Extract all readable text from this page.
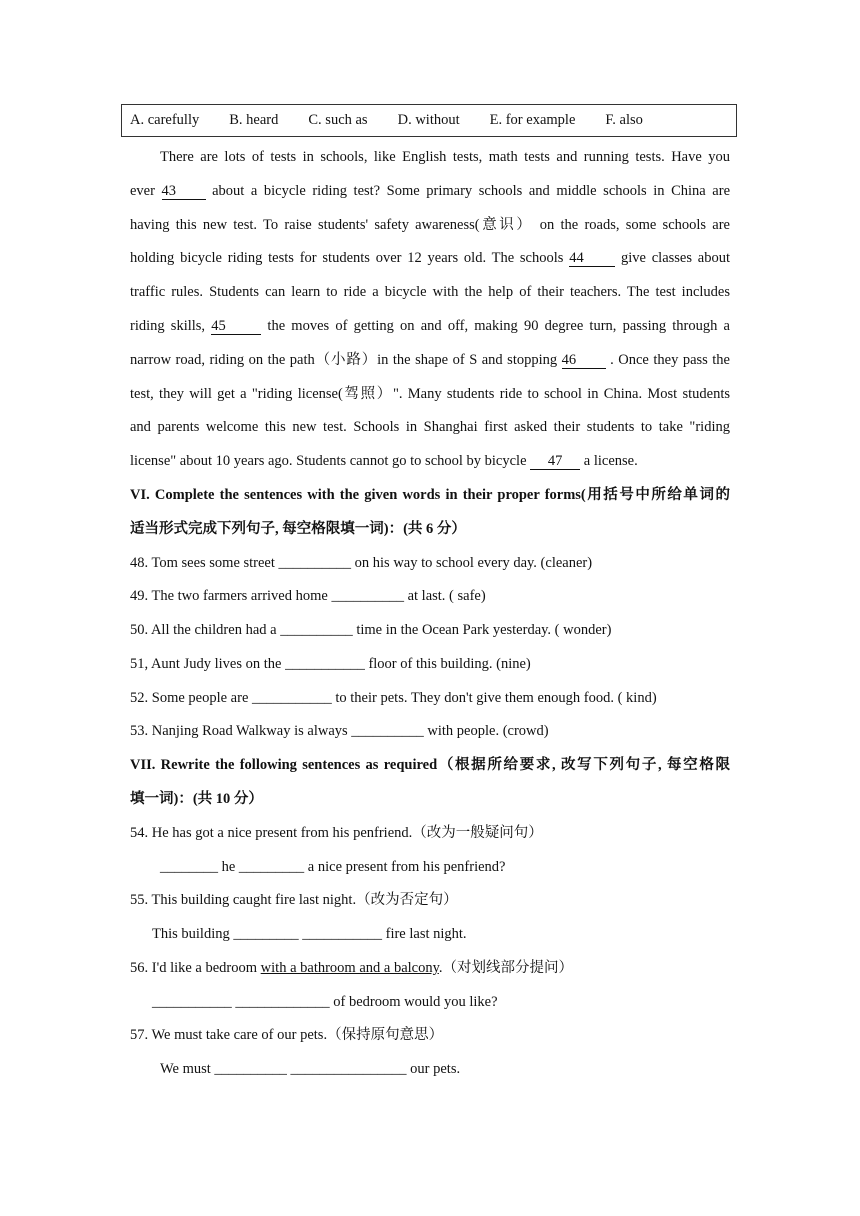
A. carefully B. heard C. such as D. without E. for example F. also
There are lots of tests in schools, like English tests, math tests and running tests. Have you
ever 43 about a bicycle riding test? Some primary schools and middle schools in China are
having this new test. To raise students' safety awareness(意识） on the roads, some schools are
holding bicycle riding tests for students over 12 years old. The schools 44	give classes about
traffic rules. Students can learn to ride a bicycle with the help of their teachers. The test includes
riding skills, 45	the moves of getting on and off, making 90 degree turn, passing through a
narrow road, riding on the path（小路）in the shape of S and stopping 46 . Once they pass the
test, they will get a "riding license(驾照）". Many students ride to school in China. Most students
and parents welcome this new test. Schools in Shanghai first asked their students to take "riding
license" about 10 years ago. Students cannot go to school by bicycle 47 a license.
VI. Complete the sentences with the given words in their proper forms(用括号中所给单词的
适当形式完成下列句子, 每空格限填一词)：(共 6 分）
48. Tom sees some street __________ on his way to school every day. (cleaner)
49. The two farmers arrived home __________ at last. ( safe)
50. All the children had a __________ time in the Ocean Park yesterday. ( wonder)
51, Aunt Judy lives on the ___________ floor of this building. (nine)
52. Some people are ___________ to their pets. They don't give them enough food. ( kind)
53. Nanjing Road Walkway is always __________ with people. (crowd)
VII. Rewrite the following sentences as required（根据所给要求, 改写下列句子, 每空格限
填一词)：(共 10 分）
54. He has got a nice present from his penfriend.（改为一般疑问句）
________ he _________ a nice present from his penfriend?
55. This building caught fire last night.（改为否定句）
This building _________ ___________ fire last night.
56. I'd like a bedroom with a bathroom and a balcony.（对划线部分提问）
___________ _____________ of bedroom would you like?
57. We must take care of our pets.（保持原句意思）
We must __________ ________________ our pets.
